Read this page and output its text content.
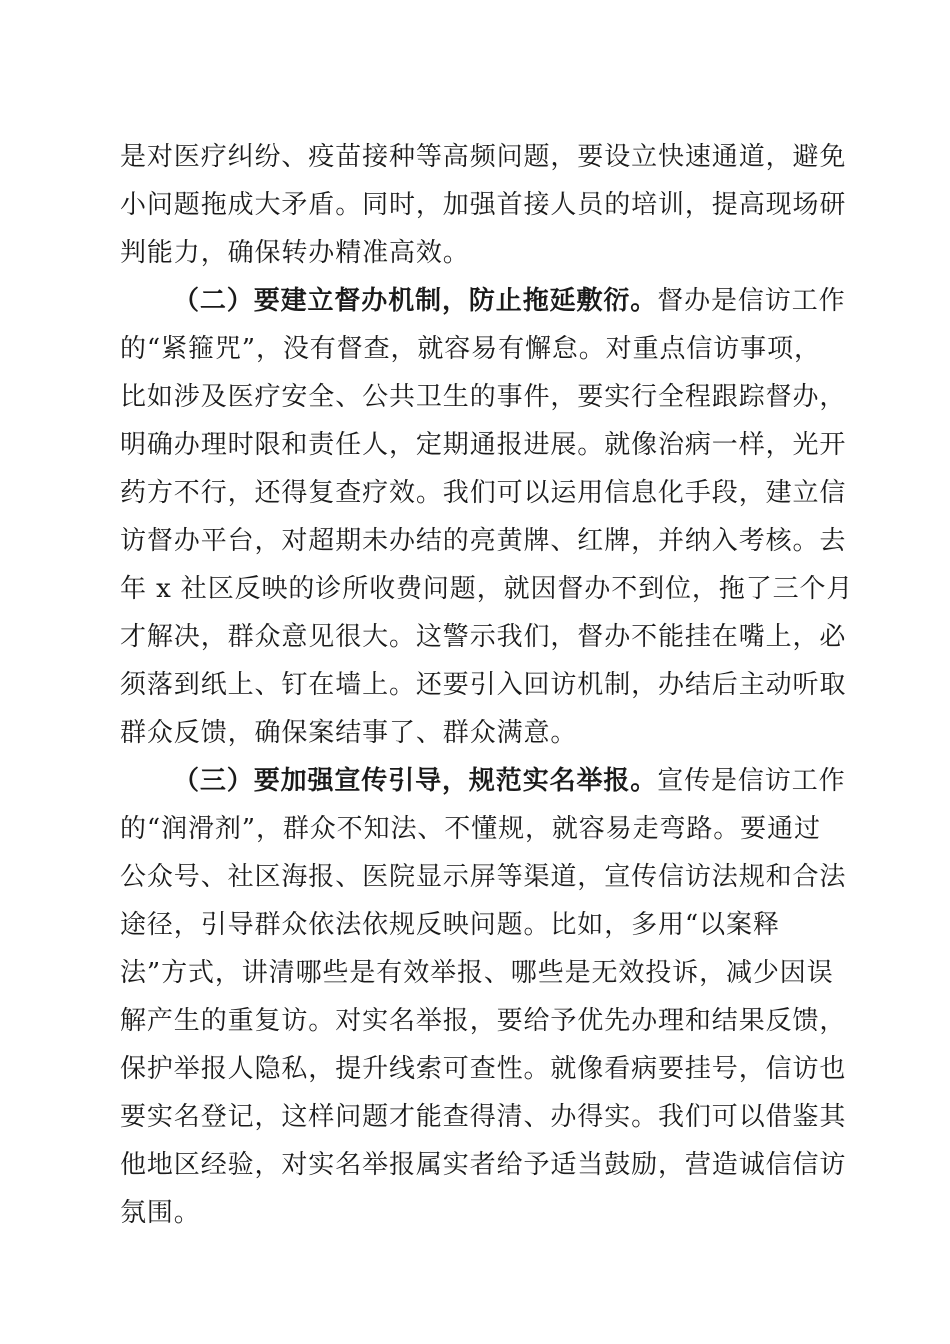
是对医疗纠纷、疫苗接种等高频问题，要设立快速通道，避免
小问题拖成大矛盾。同时，加强首接人员的培训，提高现场研
判能力，确保转办精准高效。
（二）要建立督办机制，防止拖延敷衍。督办是信访工作
的“紧箍咒”，没有督查，就容易有懈怠。对重点信访事项，
比如涉及医疗安全、公共卫生的事件，要实行全程跟踪督办，
明确办理时限和责任人，定期通报进展。就像治病一样，光开
药方不行，还得复查疗效。我们可以运用信息化手段，建立信
访督办平台，对超期未办结的亮黄牌、红牌，并纳入考核。去
年 x 社区反映的诊所收费问题，就因督办不到位，拖了三个月
才解决，群众意见很大。这警示我们，督办不能挂在嘴上，必
须落到纸上、钉在墙上。还要引入回访机制，办结后主动听取
群众反馈，确保案结事了、群众满意。
（三）要加强宣传引导，规范实名举报。宣传是信访工作
的“润滑剂”，群众不知法、不懂规，就容易走弯路。要通过
公众号、社区海报、医院显示屏等渠道，宣传信访法规和合法
途径，引导群众依法依规反映问题。比如，多用“以案释
法”方式，讲清哪些是有效举报、哪些是无效投诉，减少因误
解产生的重复访。对实名举报，要给予优先办理和结果反馈，
保护举报人隐私，提升线索可查性。就像看病要挂号，信访也
要实名登记，这样问题才能查得清、办得实。我们可以借鉴其
他地区经验，对实名举报属实者给予适当鼓励，营造诚信信访
氛围。
